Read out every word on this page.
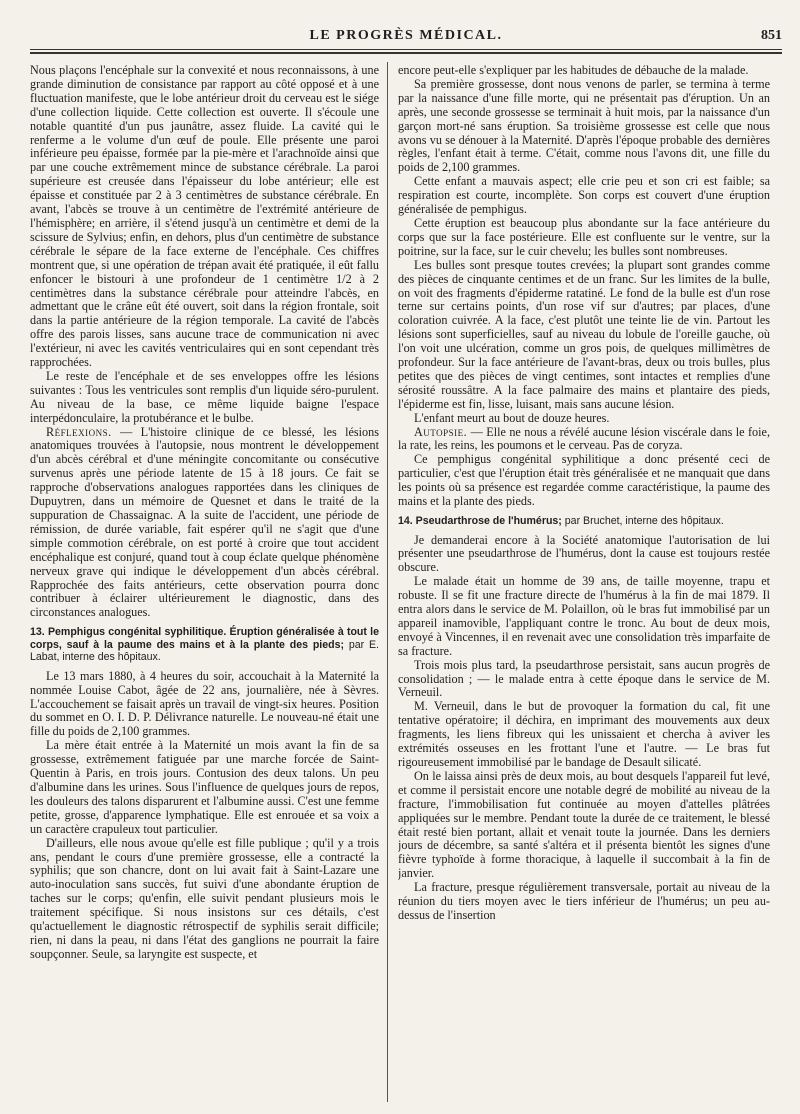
LE PROGRÈS MÉDICAL.	851

Nous plaçons l'encéphale sur la convexité et nous reconnaissons, à une grande diminution de consistance par rapport au côté opposé et à une fluctuation manifeste, que le lobe antérieur droit du cerveau est le siége d'une collection liquide. Cette collection est ouverte. Il s'écoule une notable quantité d'un pus jaunâtre, assez fluide. La cavité qui le renferme a le volume d'un œuf de poule. Elle présente une paroi inférieure peu épaisse, formée par la pie-mère et l'arachnoïde ainsi que par une couche extrêmement mince de substance cérébrale. La paroi supérieure est creusée dans l'épaisseur du lobe antérieur; elle est épaisse et constituée par 2 à 3 centimètres de substance cérébrale. En avant, l'abcès se trouve à un centimètre de l'extrémité antérieure de l'hémisphère; en arrière, il s'étend jusqu'à un centimètre et demi de la scissure de Sylvius; enfin, en dehors, plus d'un centimètre de substance cérébrale le sépare de la face externe de l'encéphale. Ces chiffres montrent que, si une opération de trépan avait été pratiquée, il eût fallu enfoncer le bistouri à une profondeur de 1 centimètre 1/2 à 2 centimètres dans la substance cérébrale pour atteindre l'abcès, en admettant que le crâne eût été ouvert, soit dans la région frontale, soit dans la partie antérieure de la région temporale. La cavité de l'abcès offre des parois lisses, sans aucune trace de communication ni avec l'extérieur, ni avec les cavités ventriculaires qui en sont cependant très rapprochées.

Le reste de l'encéphale et de ses enveloppes offre les lésions suivantes : Tous les ventricules sont remplis d'un liquide séro-purulent. Au niveau de la base, ce même liquide baigne l'espace interpédonculaire, la protubérance et le bulbe.

Réflexions. — L'histoire clinique de ce blessé, les lésions anatomiques trouvées à l'autopsie, nous montrent le développement d'un abcès cérébral et d'une méningite concomitante ou consécutive survenus après une période latente de 15 à 18 jours. Ce fait se rapproche d'observations analogues rapportées dans les cliniques de Dupuytren, dans un mémoire de Quesnet et dans le traité de la suppuration de Chassaignac. A la suite de l'accident, une période de rémission, de durée variable, fait espérer qu'il ne s'agit que d'une simple commotion cérébrale, on est porté à croire que tout accident encéphalique est conjuré, quand tout à coup éclate quelque phénomène nerveux grave qui indique le développement d'un abcès cérébral. Rapprochée des faits antérieurs, cette observation pourra donc contribuer à éclairer ultérieurement le diagnostic, dans des circonstances analogues.

13. Pemphigus congénital syphilitique. Éruption généralisée à tout le corps, sauf à la paume des mains et à la plante des pieds; par E. Labat, interne des hôpitaux.

Le 13 mars 1880, à 4 heures du soir, accouchait à la Maternité la nommée Louise Cabot, âgée de 22 ans, journalière, née à Sèvres. L'accouchement se faisait après un travail de vingt-six heures. Position du sommet en O. I. D. P. Délivrance naturelle. Le nouveau-né était une fille du poids de 2,100 grammes.

La mère était entrée à la Maternité un mois avant la fin de sa grossesse, extrêmement fatiguée par une marche forcée de Saint-Quentin à Paris, en trois jours. Contusion des deux talons. Un peu d'albumine dans les urines. Sous l'influence de quelques jours de repos, les douleurs des talons disparurent et l'albumine aussi. C'est une femme petite, grosse, d'apparence lymphatique. Elle est enrouée et sa voix a un caractère crapuleux tout particulier.

D'ailleurs, elle nous avoue qu'elle est fille publique ; qu'il y a trois ans, pendant le cours d'une première grossesse, elle a contracté la syphilis; que son chancre, dont on lui avait fait à Saint-Lazare une auto-inoculation sans succès, fut suivi d'une abondante éruption de taches sur le corps; qu'enfin, elle suivit pendant plusieurs mois le traitement spécifique. Si nous insistons sur ces détails, c'est qu'actuellement le diagnostic rétrospectif de syphilis serait difficile; rien, ni dans la peau, ni dans l'état des ganglions ne pourrait la faire soupçonner. Seule, sa laryngite est suspecte, et

encore peut-elle s'expliquer par les habitudes de débauche de la malade.

Sa première grossesse, dont nous venons de parler, se termina à terme par la naissance d'une fille morte, qui ne présentait pas d'éruption. Un an après, une seconde grossesse se terminait à huit mois, par la naissance d'un garçon mort-né sans éruption. Sa troisième grossesse est celle que nous avons vu se dénouer à la Maternité. D'après l'époque probable des dernières règles, l'enfant était à terme. C'était, comme nous l'avons dit, une fille du poids de 2,100 grammes.

Cette enfant a mauvais aspect; elle crie peu et son cri est faible; sa respiration est courte, incomplète. Son corps est couvert d'une éruption généralisée de pemphigus.

Cette éruption est beaucoup plus abondante sur la face antérieure du corps que sur la face postérieure. Elle est confluente sur le ventre, sur la poitrine, sur la face, sur le cuir chevelu; les bulles sont nombreuses.

Les bulles sont presque toutes crevées; la plupart sont grandes comme des pièces de cinquante centimes et de un franc. Sur les limites de la bulle, on voit des fragments d'épiderme ratatiné. Le fond de la bulle est d'un rose terne sur certains points, d'un rose vif sur d'autres; par places, d'une coloration cuivrée. A la face, c'est plutôt une teinte lie de vin. Partout les lésions sont superficielles, sauf au niveau du lobule de l'oreille gauche, où l'on voit une ulcération, comme un gros pois, de quelques millimètres de profondeur. Sur la face antérieure de l'avant-bras, deux ou trois bulles, plus petites que des pièces de vingt centimes, sont intactes et remplies d'une sérosité roussâtre. A la face palmaire des mains et plantaire des pieds, l'épiderme est fin, lisse, luisant, mais sans aucune lésion.

L'enfant meurt au bout de douze heures.

Autopsie. — Elle ne nous a révélé aucune lésion viscérale dans le foie, la rate, les reins, les poumons et le cerveau. Pas de coryza.

Ce pemphigus congénital syphilitique a donc présenté ceci de particulier, c'est que l'éruption était très généralisée et ne manquait que dans les points où sa présence est regardée comme caractéristique, la paume des mains et la plante des pieds.

14. Pseudarthrose de l'humérus; par Bruchet, interne des hôpitaux.

Je demanderai encore à la Société anatomique l'autorisation de lui présenter une pseudarthrose de l'humérus, dont la cause est toujours restée obscure.

Le malade était un homme de 39 ans, de taille moyenne, trapu et robuste. Il se fit une fracture directe de l'humérus à la fin de mai 1879. Il entra alors dans le service de M. Polaillon, où le bras fut immobilisé par un appareil inamovible, l'appliquant contre le tronc. Au bout de deux mois, envoyé à Vincennes, il en revenait avec une consolidation très imparfaite de sa fracture.

Trois mois plus tard, la pseudarthrose persistait, sans aucun progrès de consolidation ; — le malade entra à cette époque dans le service de M. Verneuil.

M. Verneuil, dans le but de provoquer la formation du cal, fit une tentative opératoire; il déchira, en imprimant des mouvements aux deux fragments, les liens fibreux qui les unissaient et chercha à aviver les extrémités osseuses en les frottant l'une et l'autre. — Le bras fut rigoureusement immobilisé par le bandage de Desault silicaté.

On le laissa ainsi près de deux mois, au bout desquels l'appareil fut levé, et comme il persistait encore une notable degré de mobilité au niveau de la fracture, l'immobilisation fut continuée au moyen d'attelles plâtrées appliquées sur le membre. Pendant toute la durée de ce traitement, le blessé était resté bien portant, allait et venait toute la journée. Dans les derniers jours de décembre, sa santé s'altéra et il présenta bientôt les signes d'une fièvre typhoïde à forme thoracique, à laquelle il succombait à la fin de janvier.

La fracture, presque régulièrement transversale, portait au niveau de la réunion du tiers moyen avec le tiers inférieur de l'humérus; un peu au-dessus de l'insertion
